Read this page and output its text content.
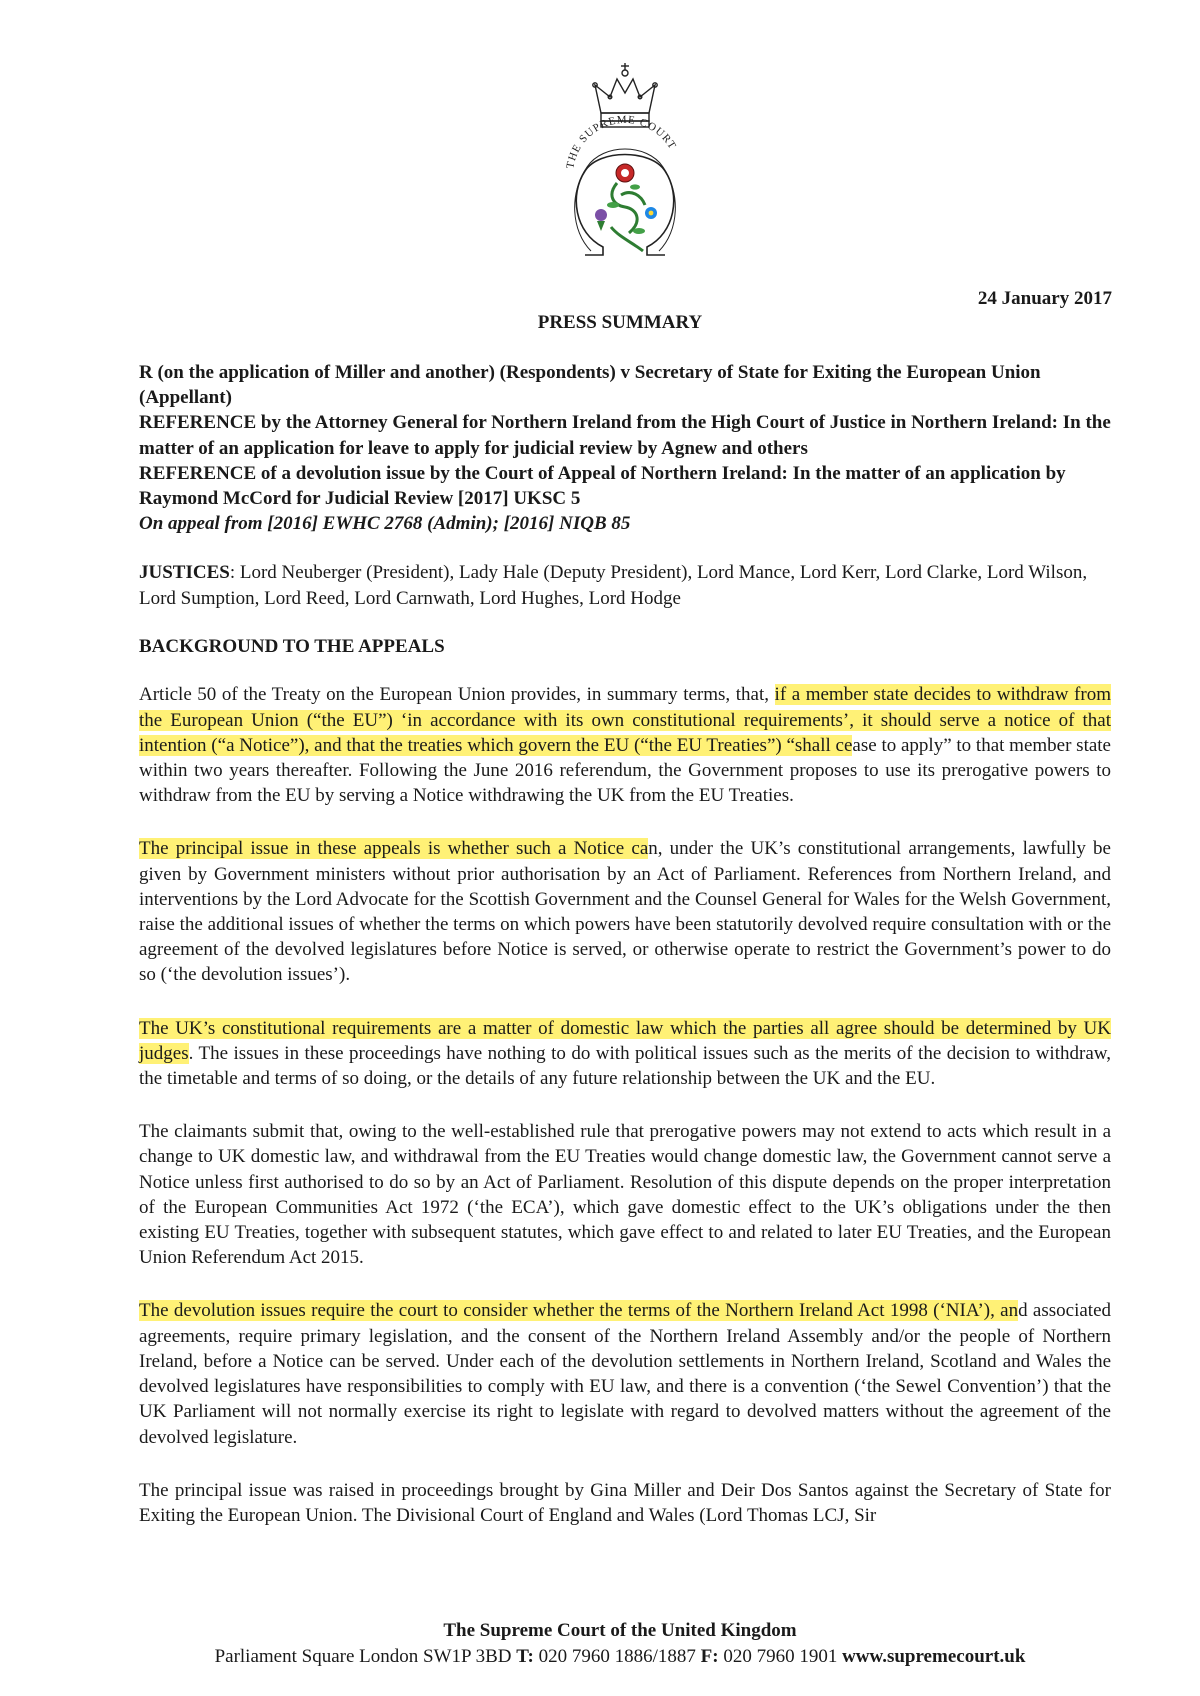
THE SUPREME COURT
24 January 2017
PRESS SUMMARY
R (on the application of Miller and another) (Respondents) v Secretary of State for Exiting the European Union (Appellant)
REFERENCE by the Attorney General for Northern Ireland from the High Court of Justice in Northern Ireland: In the matter of an application for leave to apply for judicial review by Agnew and others
REFERENCE of a devolution issue by the Court of Appeal of Northern Ireland: In the matter of an application by Raymond McCord for Judicial Review [2017] UKSC 5
On appeal from [2016] EWHC 2768 (Admin); [2016] NIQB 85

JUSTICES: Lord Neuberger (President), Lady Hale (Deputy President), Lord Mance, Lord Kerr, Lord Clarke, Lord Wilson, Lord Sumption, Lord Reed, Lord Carnwath, Lord Hughes, Lord Hodge

BACKGROUND TO THE APPEALS

Article 50 of the Treaty on the European Union provides, in summary terms, that, if a member state decides to withdraw from the European Union (“the EU”) ‘in accordance with its own constitutional requirements’, it should serve a notice of that intention (“a Notice”), and that the treaties which govern the EU (“the EU Treaties”) “shall cease to apply” to that member state within two years thereafter. Following the June 2016 referendum, the Government proposes to use its prerogative powers to withdraw from the EU by serving a Notice withdrawing the UK from the EU Treaties.

The principal issue in these appeals is whether such a Notice can, under the UK’s constitutional arrangements, lawfully be given by Government ministers without prior authorisation by an Act of Parliament. References from Northern Ireland, and interventions by the Lord Advocate for the Scottish Government and the Counsel General for Wales for the Welsh Government, raise the additional issues of whether the terms on which powers have been statutorily devolved require consultation with or the agreement of the devolved legislatures before Notice is served, or otherwise operate to restrict the Government’s power to do so (‘the devolution issues’).

The UK’s constitutional requirements are a matter of domestic law which the parties all agree should be determined by UK judges. The issues in these proceedings have nothing to do with political issues such as the merits of the decision to withdraw, the timetable and terms of so doing, or the details of any future relationship between the UK and the EU.

The claimants submit that, owing to the well-established rule that prerogative powers may not extend to acts which result in a change to UK domestic law, and withdrawal from the EU Treaties would change domestic law, the Government cannot serve a Notice unless first authorised to do so by an Act of Parliament. Resolution of this dispute depends on the proper interpretation of the European Communities Act 1972 (‘the ECA’), which gave domestic effect to the UK’s obligations under the then existing EU Treaties, together with subsequent statutes, which gave effect to and related to later EU Treaties, and the European Union Referendum Act 2015.

The devolution issues require the court to consider whether the terms of the Northern Ireland Act 1998 (‘NIA’), and associated agreements, require primary legislation, and the consent of the Northern Ireland Assembly and/or the people of Northern Ireland, before a Notice can be served. Under each of the devolution settlements in Northern Ireland, Scotland and Wales the devolved legislatures have responsibilities to comply with EU law, and there is a convention (‘the Sewel Convention’) that the UK Parliament will not normally exercise its right to legislate with regard to devolved matters without the agreement of the devolved legislature.

The principal issue was raised in proceedings brought by Gina Miller and Deir Dos Santos against the Secretary of State for Exiting the European Union. The Divisional Court of England and Wales (Lord Thomas LCJ, Sir

The Supreme Court of the United Kingdom
Parliament Square London SW1P 3BD T: 020 7960 1886/1887 F: 020 7960 1901 www.supremecourt.uk
